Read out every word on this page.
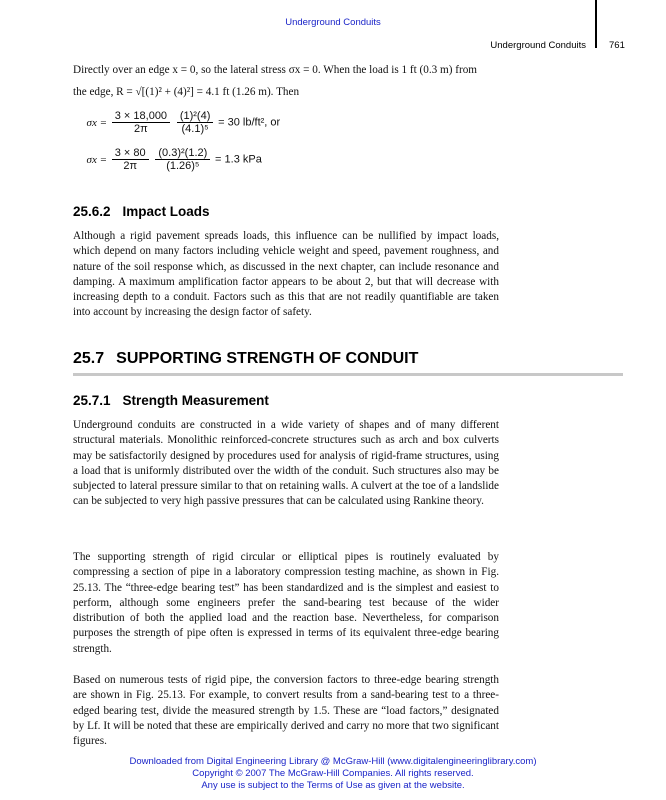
Underground Conduits
Underground Conduits 761
Directly over an edge x = 0, so the lateral stress σx = 0. When the load is 1 ft (0.3 m) from
the edge, R = √[(1)² + (4)²] = 4.1 ft (1.26 m). Then
$\sigma x = \frac{3 \times 18,000}{2\pi}$
$\frac{\text{(1)²(4)}}{\text{(4.1)⁵}} = 30$ lb/ft², or
$\sigma x = \frac{3 \times 80}{2\pi}$
$\frac{\text{(0.3)²(1.2)}}{\text{(1.26)⁵}} = 1.3$ kPa
25.6.2 Impact Loads

Although a rigid pavement spreads loads, this influence can be nullified by impact loads, which depend on many factors including vehicle weight and speed, pavement roughness, and nature of the soil response which, as discussed in the next chapter, can include resonance and damping. A maximum amplification factor appears to be about 2, but that will decrease with increasing depth to a conduit. Factors such as this that are not readily quantifiable are taken into account by increasing the design factor of safety.

25.7 SUPPORTING STRENGTH OF CONDUIT
25.7.1 Strength Measurement

Underground conduits are constructed in a wide variety of shapes and of many different structural materials. Monolithic reinforced-concrete structures such as arch and box culverts may be satisfactorily designed by procedures used for analysis of rigid-frame structures, using a load that is uniformly distributed over the width of the conduit. Such structures also may be subjected to lateral pressure similar to that on retaining walls. A culvert at the toe of a landslide can be subjected to very high passive pressures that can be calculated using Rankine theory.

The supporting strength of rigid circular or elliptical pipes is routinely evaluated by compressing a section of pipe in a laboratory compression testing machine, as shown in Fig. 25.13. The “three-edge bearing test” has been standardized and is the simplest and easiest to perform, although some engineers prefer the sand-bearing test because of the wider distribution of both the applied load and the reaction base. Nevertheless, for comparison purposes the strength of pipe often is expressed in terms of its equivalent three-edge bearing strength.

Based on numerous tests of rigid pipe, the conversion factors to three-edge bearing strength are shown in Fig. 25.13. For example, to convert results from a sand-bearing test to a three-edged bearing test, divide the measured strength by 1.5. These are “load factors,” designated by Lf. It will be noted that these are empirically derived and carry no more that two significant figures.

Downloaded from Digital Engineering Library @ McGraw-Hill (www.digitalengineeringlibrary.com)
Copyright © 2007 The McGraw-Hill Companies. All rights reserved.
Any use is subject to the Terms of Use as given at the website.
